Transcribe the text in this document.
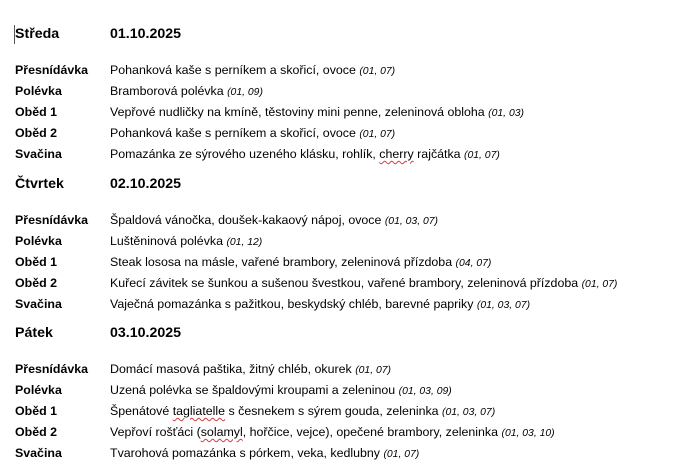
Středa	01.10.2025
Přesnídávka Pohanková kaše s perníkem a skořicí, ovoce (01, 07)
Polévka	Bramborová polévka (01, 09)
Oběd 1	Vepřové nudličky na kmíně, těstoviny mini penne, zeleninová obloha (01, 03)
Oběd 2	Pohanková kaše s perníkem a skořicí, ovoce (01, 07)
Svačina	Pomazánka ze sýrového uzeného klásku, rohlík, cherry rajčátka (01, 07)
Čtvrtek	02.10.2025
Přesnídávka Špaldová vánočka, doušek-kakaový nápoj, ovoce (01, 03, 07)
Polévka	Luštěninová polévka (01, 12)
Oběd 1	Steak lososa na másle, vařené brambory, zeleninová přízdoba (04, 07)
Oběd 2	Kuřecí závitek se šunkou a sušenou švestkou, vařené brambory, zeleninová přízdoba (01, 07)
Svačina	Vaječná pomazánka s pažitkou, beskydský chléb, barevné papriky (01, 03, 07)
Pátek	03.10.2025
Přesnídávka Domácí masová paštika, žitný chléb, okurek (01, 07)
Polévka	Uzená polévka se špaldovými kroupami a zeleninou (01, 03, 09)
Oběd 1	Špenátové tagliatelle s česnekem s sýrem gouda, zeleninka (01, 03, 07)
Oběd 2	Vepřoví rošťáci (solamyl, hořčice, vejce), opečené brambory, zeleninka (01, 03, 10)
Svačina	Tvarohová pomazánka s pórkem, veka, kedlubny (01, 07)
